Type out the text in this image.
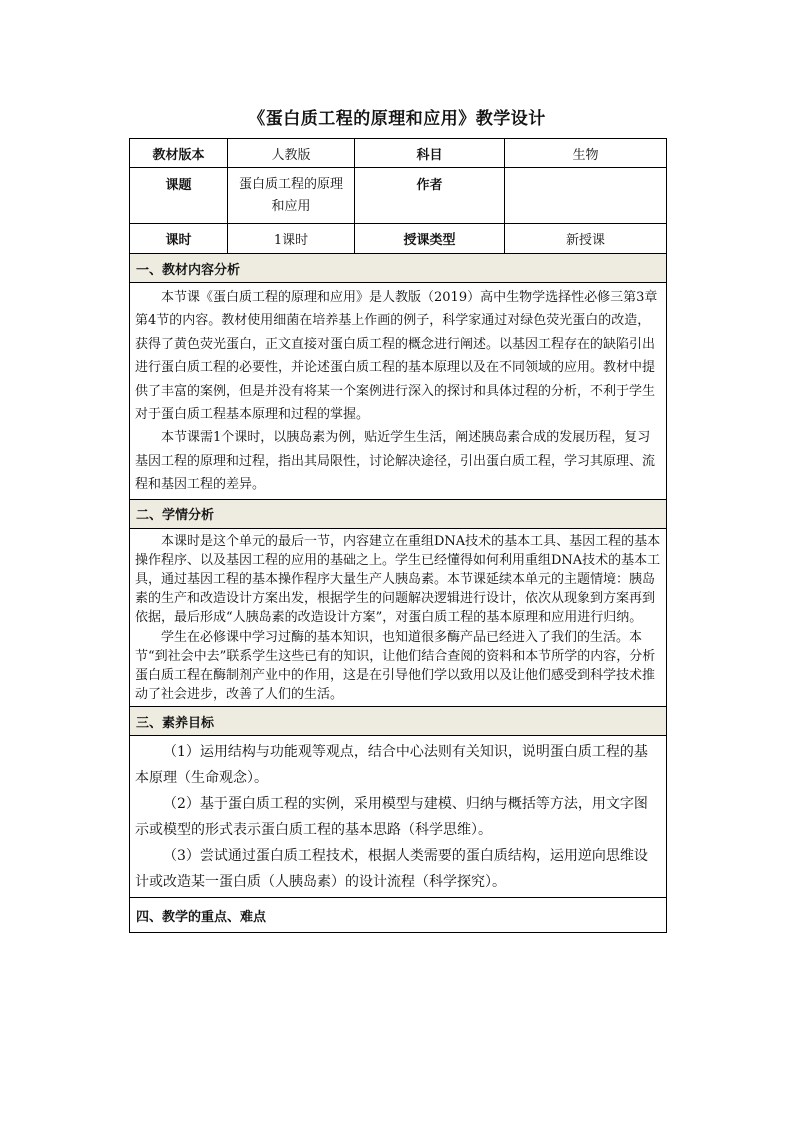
《蛋白质工程的原理和应用》教学设计
教材版本	人教版	科目	生物
课题	蛋白质工程的原理和应用	作者	
课时	1课时	授课类型	新授课
一、教材内容分析			

本节课《蛋白质工程的原理和应用》是人教版（2019）高中生物学选择性必修三第3章第4节的内容。教材使用细菌在培养基上作画的例子，科学家通过对绿色荧光蛋白的改造，获得了黄色荧光蛋白，正文直接对蛋白质工程的概念进行阐述。以基因工程存在的缺陷引出进行蛋白质工程的必要性，并论述蛋白质工程的基本原理以及在不同领域的应用。教材中提供了丰富的案例，但是并没有将某一个案例进行深入的探讨和具体过程的分析，不利于学生对于蛋白质工程基本原理和过程的掌握。

本节课需1个课时，以胰岛素为例，贴近学生生活，阐述胰岛素合成的发展历程，复习基因工程的原理和过程，指出其局限性，讨论解决途径，引出蛋白质工程，学习其原理、流程和基因工程的差异。			

二、学情分析			

本课时是这个单元的最后一节，内容建立在重组DNA技术的基本工具、基因工程的基本操作程序、以及基因工程的应用的基础之上。学生已经懂得如何利用重组DNA技术的基本工具，通过基因工程的基本操作程序大量生产人胰岛素。本节课延续本单元的主题情境：胰岛素的生产和改造设计方案出发，根据学生的问题解决逻辑进行设计，依次从现象到方案再到依据，最后形成“人胰岛素的改造设计方案”，对蛋白质工程的基本原理和应用进行归纳。

学生在必修课中学习过酶的基本知识，也知道很多酶产品已经进入了我们的生活。本节“到社会中去”联系学生这些已有的知识，让他们结合查阅的资料和本节所学的内容，分析蛋白质工程在酶制剂产业中的作用，这是在引导他们学以致用以及让他们感受到科学技术推动了社会进步，改善了人们的生活。			

三、素养目标			

（1）运用结构与功能观等观点，结合中心法则有关知识，说明蛋白质工程的基本原理（生命观念）。

（2）基于蛋白质工程的实例，采用模型与建模、归纳与概括等方法，用文字图示或模型的形式表示蛋白质工程的基本思路（科学思维）。

（3）尝试通过蛋白质工程技术，根据人类需要的蛋白质结构，运用逆向思维设计或改造某一蛋白质（人胰岛素）的设计流程（科学探究）。			

四、教学的重点、难点			
